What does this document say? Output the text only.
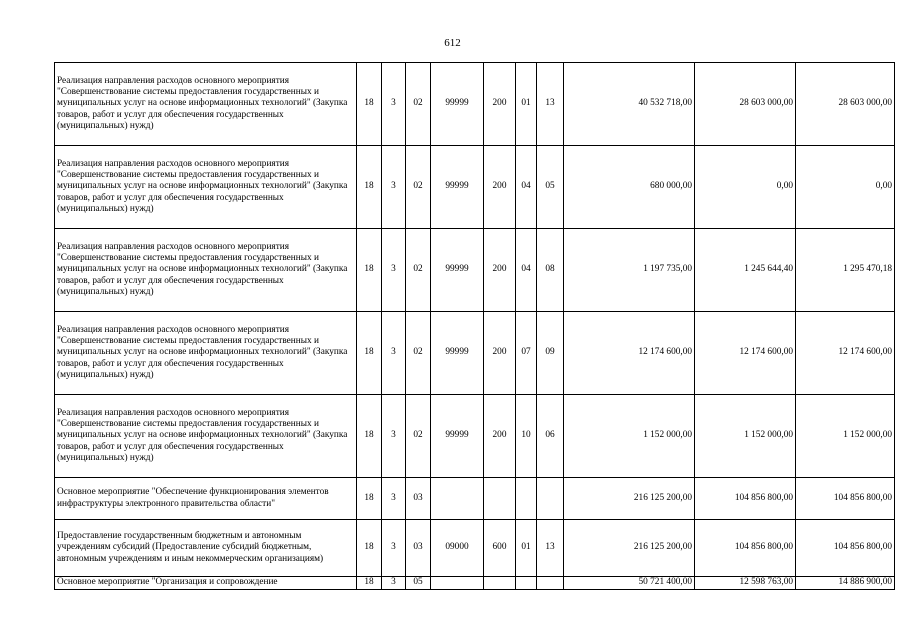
612
Реализация направления расходов основного мероприятия "Совершенствование системы предоставления государственных и муниципальных услуг на основе информационных технологий" (Закупка товаров, работ и услуг для обеспечения государственных (муниципальных) нужд)	18	3	02	99999	200	01	13	40 532 718,00	28 603 000,00	28 603 000,00
Реализация направления расходов основного мероприятия "Совершенствование системы предоставления государственных и муниципальных услуг на основе информационных технологий" (Закупка товаров, работ и услуг для обеспечения государственных (муниципальных) нужд)	18	3	02	99999	200	04	05	680 000,00	0,00	0,00
Реализация направления расходов основного мероприятия "Совершенствование системы предоставления государственных и муниципальных услуг на основе информационных технологий" (Закупка товаров, работ и услуг для обеспечения государственных (муниципальных) нужд)	18	3	02	99999	200	04	08	1 197 735,00	1 245 644,40	1 295 470,18
Реализация направления расходов основного мероприятия "Совершенствование системы предоставления государственных и муниципальных услуг на основе информационных технологий" (Закупка товаров, работ и услуг для обеспечения государственных (муниципальных) нужд)	18	3	02	99999	200	07	09	12 174 600,00	12 174 600,00	12 174 600,00
Реализация направления расходов основного мероприятия "Совершенствование системы предоставления государственных и муниципальных услуг на основе информационных технологий" (Закупка товаров, работ и услуг для обеспечения государственных (муниципальных) нужд)	18	3	02	99999	200	10	06	1 152 000,00	1 152 000,00	1 152 000,00
Основное мероприятие "Обеспечение функционирования элементов инфраструктуры электронного правительства области"	18	3	03					216 125 200,00	104 856 800,00	104 856 800,00
Предоставление государственным бюджетным и автономным учреждениям субсидий (Предоставление субсидий бюджетным, автономным учреждениям и иным некоммерческим организациям)	18	3	03	09000	600	01	13	216 125 200,00	104 856 800,00	104 856 800,00
Основное мероприятие "Организация и сопровождение	18	3	05					50 721 400,00	12 598 763,00	14 886 900,00
